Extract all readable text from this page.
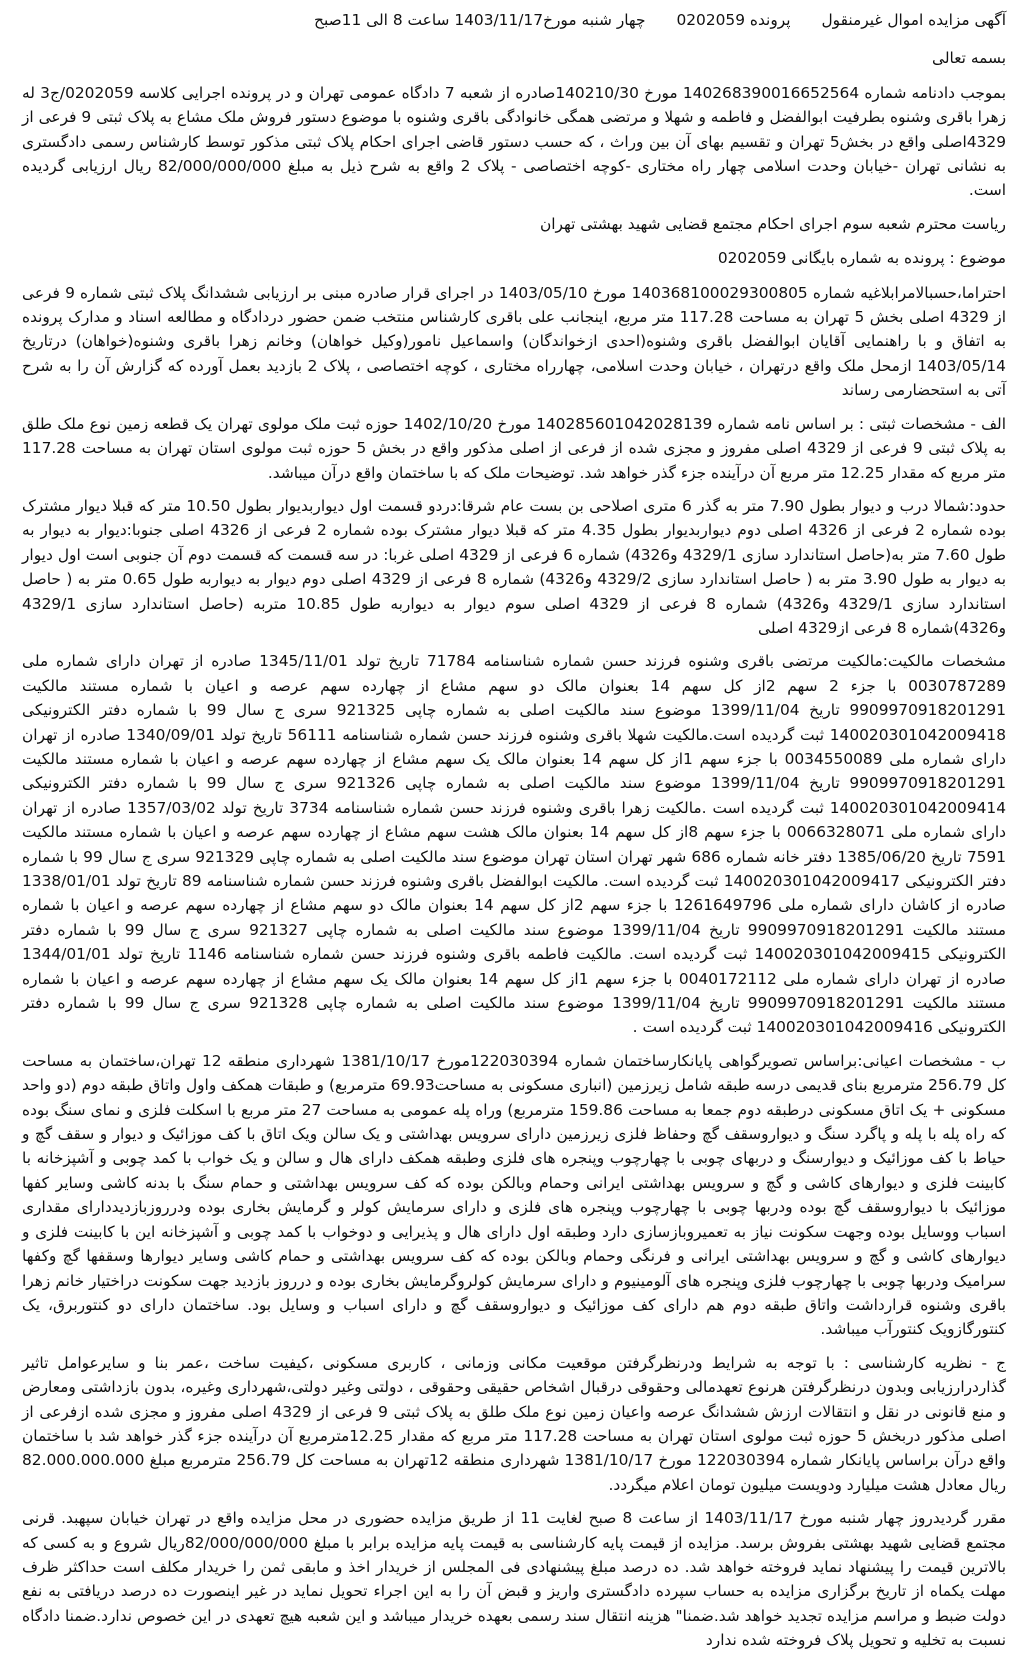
آگهی مزایده اموال غیرمنقول پرونده 0202059 چهار شنبه مورخ1403/11/17 ساعت 8 الی 11صبح

بسمه تعالی

بموجب دادنامه شماره 140268390016652564 مورخ 140210/30صادره از شعبه 7 دادگاه عمومی تهران و در پرونده اجرایی کلاسه 0202059/ج3 له زهرا باقری وشنوه بطرفیت ابوالفضل و فاطمه و شهلا و مرتضی همگی خانوادگی باقری وشنوه با موضوع دستور فروش ملک مشاع به پلاک ثبتی 9 فرعی از 4329اصلی واقع در بخش5 تهران و تقسیم بهای آن بین وراث ، که حسب دستور قاضی اجرای احکام پلاک ثبتی مذکور توسط کارشناس رسمی دادگستری به نشانی تهران -خیابان وحدت اسلامی چهار راه مختاری -کوچه اختصاصی - پلاک 2 واقع به شرح ذیل به مبلغ 82/000/000/000 ریال ارزیابی گردیده است.

ریاست محترم شعبه سوم اجرای احکام مجتمع قضایی شهید بهشتی تهران

موضوع : پرونده به شماره بایگانی 0202059

احتراما،حسبالامرابلاغیه شماره 140368100029300805 مورخ 1403/05/10 در اجرای قرار صادره مبنی بر ارزیابی ششدانگ پلاک ثبتی شماره 9 فرعی از 4329 اصلی بخش 5 تهران به مساحت 117.28 متر مربع، اینجانب علی باقری کارشناس منتخب ضمن حضور دردادگاه و مطالعه اسناد و مدارک پرونده به اتفاق و با راهنمایی آقایان ابوالفضل باقری وشنوه(احدی ازخواندگان) واسماعیل نامور(وکیل خواهان) وخانم زهرا باقری وشنوه(خواهان) درتاریخ 1403/05/14 ازمحل ملک واقع درتهران ، خیابان وحدت اسلامی، چهارراه مختاری ، کوچه اختصاصی ، پلاک 2 بازدید بعمل آورده که گزارش آن را به شرح آتی به استحضارمی رساند

الف - مشخصات ثبتی : بر اساس نامه شماره 14028560104202813​9 مورخ 1402/10/20 حوزه ثبت ملک مولوی تهران یک قطعه زمین نوع ملک طلق به پلاک ثبتی 9 فرعی از 4329 اصلی مفروز و مجزی شده از فرعی از اصلی مذکور واقع در بخش 5 حوزه ثبت مولوی استان تهران به مساحت 117.28 متر مربع که مقدار 12.25 متر مربع آن درآینده جزء گذر خواهد شد. توضیحات ملک که با ساختمان واقع درآن میباشد.

حدود:شمالا درب و دیوار بطول 7.90 متر به گذر 6 متری اصلاحی بن بست عام شرقا:دردو قسمت اول دیواربدیوار بطول 10.50 متر که قبلا دیوار مشترک بوده شماره 2 فرعی از 4326 اصلی دوم دیواربدیوار بطول 4.35 متر که قبلا دیوار مشترک بوده شماره 2 فرعی از 4326 اصلی جنوبا:دیوار به دیوار به طول 7.60 متر به(حاصل استاندارد سازی 4329/1 و4326) شماره 6 فرعی از 4329 اصلی غربا: در سه قسمت که قسمت دوم آن جنوبی است اول دیوار به دیوار به طول 3.90 متر به ( حاصل استاندارد سازی 4329/2 و4326) شماره 8 فرعی از 4329 اصلی دوم دیوار به دیواربه طول 0.65 متر به ( حاصل استاندارد سازی 4329/1 و4326) شماره 8 فرعی از 4329 اصلی سوم دیوار به دیواربه طول 10.85 متربه (حاصل استاندارد سازی 4329/1 و4326)شماره 8 فرعی از4329 اصلی

مشخصات مالکیت:مالکیت مرتضی باقری وشنوه فرزند حسن شماره شناسنامه 71784 تاریخ تولد 1345/11/01 صادره از تهران دارای شماره ملی 0030787289 با جزء 2 سهم 2از کل سهم 14 بعنوان مالک دو سهم مشاع از چهارده سهم عرصه و اعیان با شماره مستند مالکیت 9909970918201291 تاریخ 1399/11/04 موضوع سند مالکیت اصلی به شماره چاپی 921325 سری ج سال 99 با شماره دفتر الکترونیکی 140020301042009418 ثبت گردیده است.مالکیت شهلا باقری وشنوه فرزند حسن شماره شناسنامه 56111 تاریخ تولد 1340/09/01 صادره از تهران دارای شماره ملی 0034550089 با جزء سهم 1از کل سهم 14 بعنوان مالک یک سهم مشاع از چهارده سهم عرصه و اعیان با شماره مستند مالکیت 9909970918201291 تاریخ 1399/11/04 موضوع سند مالکیت اصلی به شماره چاپی 921326 سری ج سال 99 با شماره دفتر الکترونیکی 140020301042009414 ثبت گردیده است .مالکیت زهرا باقری وشنوه فرزند حسن شماره شناسنامه 3734 تاریخ تولد 1357/03/02 صادره از تهران دارای شماره ملی 0066328071 با جزء سهم 8از کل سهم 14 بعنوان مالک هشت سهم مشاع از چهارده سهم عرصه و اعیان با شماره مستند مالکیت 7591 تاریخ 1385/06/20 دفتر خانه شماره 686 شهر تهران استان تهران موضوع سند مالکیت اصلی به شماره چاپی 921329 سری ج سال 99 با شماره دفتر الکترونیکی 140020301042009417 ثبت گردیده است. مالکیت ابوالفضل باقری وشنوه فرزند حسن شماره شناسنامه 89 تاریخ تولد 1338/01/01 صادره از کاشان دارای شماره ملی 1261649796 با جزء سهم 2از کل سهم 14 بعنوان مالک دو سهم مشاع از چهارده سهم عرصه و اعیان با شماره مستند مالکیت 9909970918201291 تاریخ 1399/11/04 موضوع سند مالکیت اصلی به شماره چاپی 921327 سری ج سال 99 با شماره دفتر الکترونیکی 140020301042009415 ثبت گردیده است. مالکیت فاطمه باقری وشنوه فرزند حسن شماره شناسنامه 1146 تاریخ تولد 1344/01/01 صادره از تهران دارای شماره ملی 0040172112 با جزء سهم 1از کل سهم 14 بعنوان مالک یک سهم مشاع از چهارده سهم عرصه و اعیان با شماره مستند مالکیت 9909970918201291 تاریخ 1399/11/04 موضوع سند مالکیت اصلی به شماره چاپی 921328 سری ج سال 99 با شماره دفتر الکترونیکی 140020301042009416 ثبت گردیده است .

ب - مشخصات اعیانی:براساس تصویرگواهی پایانکارساختمان شماره 122030394مورخ 1381/10/17 شهرداری منطقه 12 تهران،ساختمان به مساحت کل 256.79 مترمربع بنای قدیمی درسه طبقه شامل زیرزمین (انباری مسکونی به مساحت69.93 مترمربع) و طبقات همکف واول واتاق طبقه دوم (دو واحد مسکونی + یک اتاق مسکونی درطبقه دوم جمعا به مساحت 159.86 مترمربع) وراه پله عمومی به مساحت 27 متر مربع با اسکلت فلزی و نمای سنگ بوده که راه پله با پله و پاگرد سنگ و دیواروسقف گچ وحفاظ فلزی زیرزمین دارای سرویس بهداشتی و یک سالن ویک اتاق با کف موزائیک و دیوار و سقف گچ و حیاط با کف موزائیک و دیوارسنگ و دربهای چوبی با چهارچوب وپنجره های فلزی وطبقه همکف دارای هال و سالن و یک خواب با کمد چوبی و آشپزخانه با کابینت فلزی و دیوارهای کاشی و گچ و سرویس بهداشتی ایرانی وحمام وبالکن بوده که کف سرویس بهداشتی و حمام سنگ با بدنه کاشی وسایر کفها موزائیک با دیواروسقف گچ بوده ودربها چوبی با چهارچوب وپنجره های فلزی و دارای سرمایش کولر و گرمایش بخاری بوده ودرروزبازدیددارای مقداری اسباب ووسایل بوده وجهت سکونت نیاز به تعمیروبازسازی دارد وطبقه اول دارای هال و پذیرایی و دوخواب با کمد چوبی و آشپزخانه این با کابینت فلزی و دیوارهای کاشی و گچ و سرویس بهداشتی ایرانی و فرنگی وحمام وبالکن بوده که کف سرویس بهداشتی و حمام کاشی وسایر دیوارها وسقفها گچ وکفها سرامیک ودربها چوبی با چهارچوب فلزی وپنجره های آلومینیوم و دارای سرمایش کولروگرمایش بخاری بوده و درروز بازدید جهت سکونت دراختیار خانم زهرا باقری وشنوه قرارداشت واتاق طبقه دوم هم دارای کف موزائیک و دیواروسقف گچ و دارای اسباب و وسایل بود. ساختمان دارای دو کنتوربرق، یک کنتورگازویک کنتورآب میباشد.

ج - نظریه کارشناسی : با توجه به شرایط ودرنظرگرفتن موقعیت مکانی وزمانی ، کاربری مسکونی ،کیفیت ساخت ،عمر بنا و سایرعوامل تاثیر گذاردرارزیابی وبدون درنظرگرفتن هرنوع تعهدمالی وحقوقی درقبال اشخاص حقیقی وحقوقی ، دولتی وغیر دولتی،شهرداری وغیره، بدون بازداشتی ومعارض و منع قانونی در نقل و انتقالات ارزش ششدانگ عرصه واعیان زمین نوع ملک طلق به پلاک ثبتی 9 فرعی از 4329 اصلی مفروز و مجزی شده ازفرعی از اصلی مذکور دربخش 5 حوزه ثبت مولوی استان تهران به مساحت 117.28 متر مربع که مقدار 12.25مترمربع آن درآینده جزء گذر خواهد شد با ساختمان واقع درآن براساس پایانکار شماره 122030394 مورخ 1381/10/17 شهرداری منطقه 12تهران به مساحت کل 256.79 مترمربع مبلغ 82.000.000.000 ریال معادل هشت میلیارد ودویست میلیون تومان اعلام میگردد.

مقرر گردیدروز چهار شنبه مورخ 1403/11/17 از ساعت 8 صبح لغایت 11 از طریق مزایده حضوری در محل مزایده واقع در تهران خیابان سپهبد. قرنی مجتمع قضایی شهید بهشتی بفروش برسد. مزایده از قیمت پایه کارشناسی به قیمت پایه مزایده برابر با مبلغ 82/000/000/000ریال شروع و به کسی که بالاترین قیمت را پیشنهاد نماید فروخته خواهد شد. ده درصد مبلغ پیشنهادی فی المجلس از خریدار اخذ و مابقی ثمن را خریدار مکلف است حداکثر ظرف مهلت یکماه از تاریخ برگزاری مزایده به حساب سپرده دادگستری واریز و قبض آن را به این اجراء تحویل نماید در غیر اینصورت ده درصد دریافتی به نفع دولت ضبط و مراسم مزایده تجدید خواهد شد.ضمنا" هزینه انتقال سند رسمی بعهده خریدار میباشد و این شعبه هیچ تعهدی در این خصوص ندارد.ضمنا دادگاه نسبت به تخلیه و تحویل پلاک فروخته شده ندارد
